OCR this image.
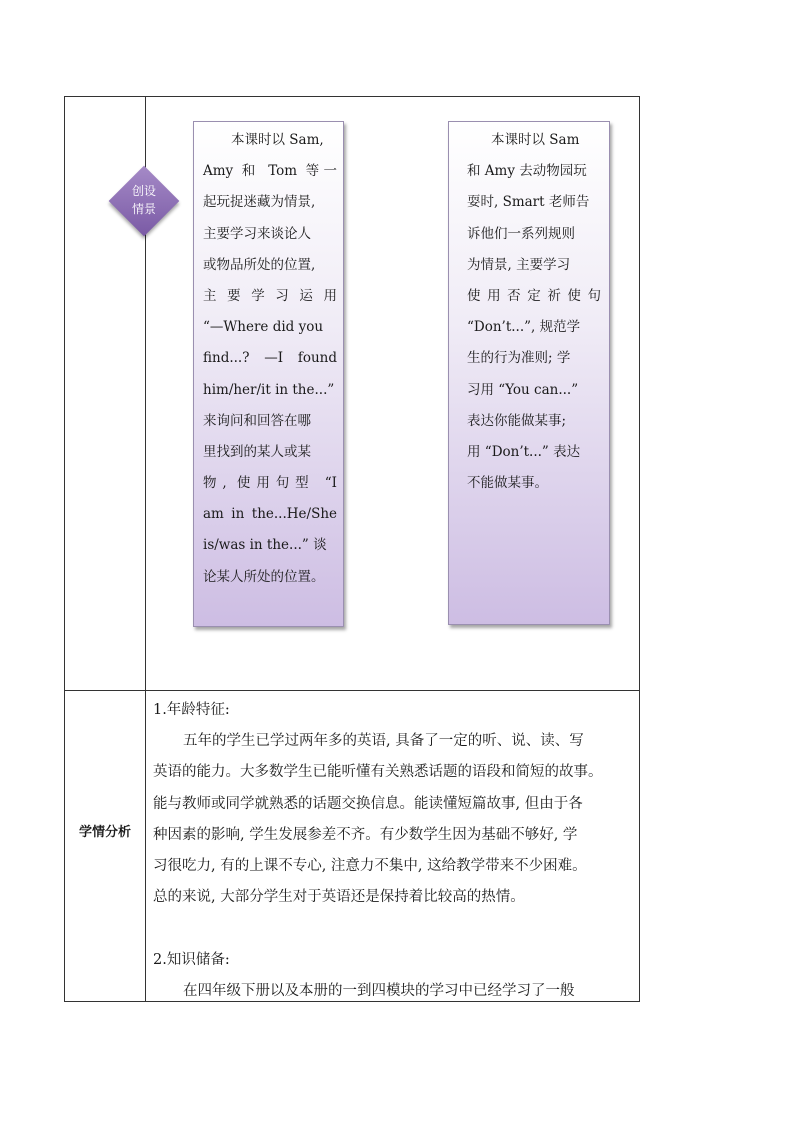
创设
情景
本课时以 Sam,
Amy 和 Tom 等一
起玩捉迷藏为情景,
主要学习来谈论人
或物品所处的位置,
主 要 学 习 运 用
“—Where did you
find...? —I found
him/her/it in the...”
来询问和回答在哪
里找到的某人或某
物, 使用句型 “I
am in the...He/She
is/was in the...” 谈
论某人所处的位置。
本课时以 Sam
和 Amy 去动物园玩
耍时, Smart 老师告
诉他们一系列规则
为情景, 主要学习
使用否定祈使句
“Don’t...”, 规范学
生的行为准则; 学
习用 “You can...”
表达你能做某事;
用 “Don’t...” 表达
不能做某事。
学情分析
1.年龄特征:
五年的学生已学过两年多的英语, 具备了一定的听、说、读、写
英语的能力。大多数学生已能听懂有关熟悉话题的语段和简短的故事。
能与教师或同学就熟悉的话题交换信息。能读懂短篇故事, 但由于各
种因素的影响, 学生发展参差不齐。有少数学生因为基础不够好, 学
习很吃力, 有的上课不专心, 注意力不集中, 这给教学带来不少困难。
总的来说, 大部分学生对于英语还是保持着比较高的热情。
2.知识储备:
在四年级下册以及本册的一到四模块的学习中已经学习了一般
